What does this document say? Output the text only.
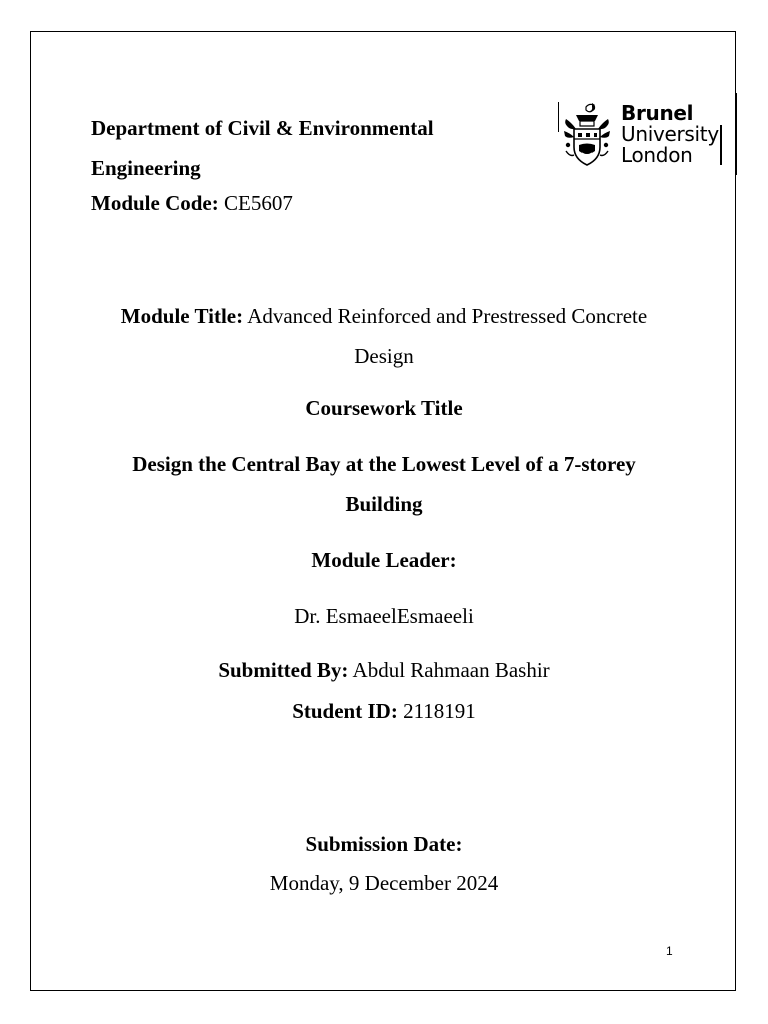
Department of Civil & Environmental Engineering
Module Code: CE5607
Brunel
University
London
Module Title: Advanced Reinforced and Prestressed Concrete
Design
Coursework Title
Design the Central Bay at the Lowest Level of a 7-storey
Building
Module Leader:
Dr. EsmaeelEsmaeeli
Submitted By: Abdul Rahmaan Bashir
Student ID: 2118191
Submission Date:
Monday, 9 December 2024
1
